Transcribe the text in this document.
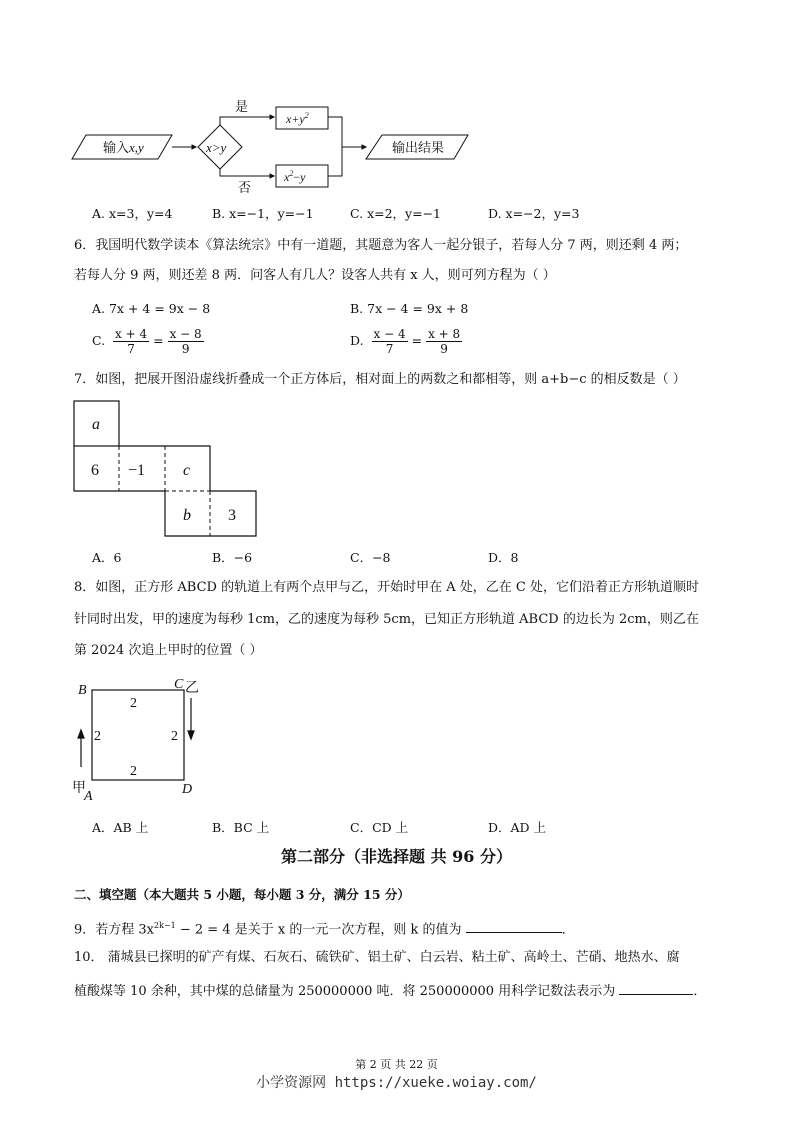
输入x,y	x>y
是
否
$x+y^2$
$x^2-y$
输出结果
A. x=3，y=4	B. x=−1，y=−1	C. x=2，y=−1	D. x=−2，y=3
6．我国明代数学读本《算法统宗》中有一道题，其题意为客人一起分银子，若每人分 7 两，则还剩 4 两；
若每人分 9 两，则还差 8 两．问客人有几人？设客人共有 x 人，则可列方程为（ ）
A. 7x + 4 = 9x − 8	B. 7x − 4 = 9x + 8
C. $\frac{x + 4}{7} = \frac{x - 8}{9}$	D. $\frac{x - 4}{7} = \frac{x + 8}{9}$
7．如图，把展开图沿虚线折叠成一个正方体后，相对面上的两数之和都相等，则 a+b−c 的相反数是（ ）
a
6 −1 c
b 3
A．6	B．−6	C．−8	D．8
8．如图，正方形 ABCD 的轨道上有两个点甲与乙，开始时甲在 A 处，乙在 C 处，它们沿着正方形轨道顺时
针同时出发，甲的速度为每秒 1cm，乙的速度为每秒 5cm，已知正方形轨道 ABCD 的边长为 2cm，则乙在
第 2024 次追上甲时的位置（ ）
B	C 乙
D
甲
A
2
2	2
2
A．AB 上	B．BC 上	C．CD 上	D．AD 上
第二部分（非选择题 共 96 分）
二、填空题（本大题共 5 小题，每小题 3 分，满分 15 分）
9．若方程 $3x^{2k-1} - 2 = 4$ 是关于 x 的一元一次方程，则 k 的值为	．
10． 蒲城县已探明的矿产有煤、石灰石、硫铁矿、铝土矿、白云岩、粘土矿、高岭土、芒硝、地热水、腐
植酸煤等 10 余种，其中煤的总储量为 250000000 吨．将 250000000 用科学记数法表示为	．
第 2 页 共 22 页
小学资源网 https://xueke.woiay.com/
